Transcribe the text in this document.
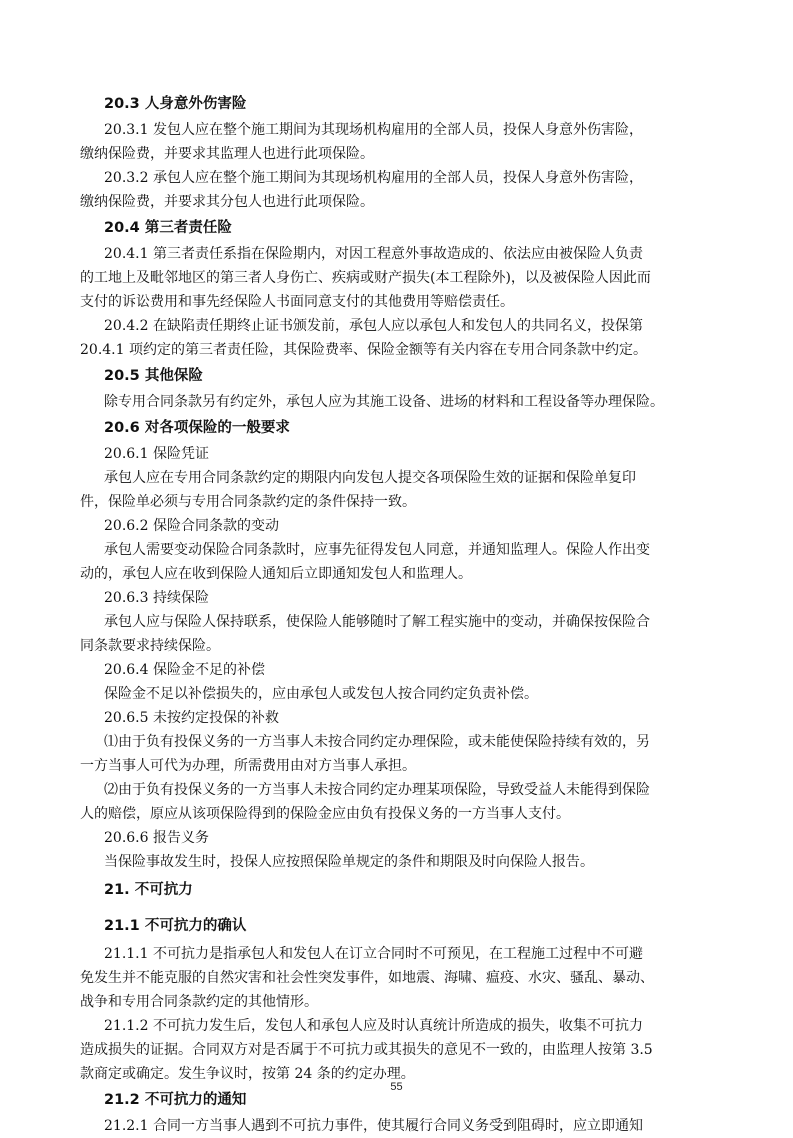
20.3 人身意外伤害险
20.3.1 发包人应在整个施工期间为其现场机构雇用的全部人员，投保人身意外伤害险，
缴纳保险费，并要求其监理人也进行此项保险。
20.3.2 承包人应在整个施工期间为其现场机构雇用的全部人员，投保人身意外伤害险，
缴纳保险费，并要求其分包人也进行此项保险。
20.4 第三者责任险
20.4.1 第三者责任系指在保险期内，对因工程意外事故造成的、依法应由被保险人负责
的工地上及毗邻地区的第三者人身伤亡、疾病或财产损失(本工程除外)，以及被保险人因此而
支付的诉讼费用和事先经保险人书面同意支付的其他费用等赔偿责任。
20.4.2 在缺陷责任期终止证书颁发前，承包人应以承包人和发包人的共同名义，投保第
20.4.1 项约定的第三者责任险，其保险费率、保险金额等有关内容在专用合同条款中约定。
20.5 其他保险
除专用合同条款另有约定外，承包人应为其施工设备、进场的材料和工程设备等办理保险。
20.6 对各项保险的一般要求
20.6.1 保险凭证
承包人应在专用合同条款约定的期限内向发包人提交各项保险生效的证据和保险单复印
件，保险单必须与专用合同条款约定的条件保持一致。
20.6.2 保险合同条款的变动
承包人需要变动保险合同条款时，应事先征得发包人同意，并通知监理人。保险人作出变
动的，承包人应在收到保险人通知后立即通知发包人和监理人。
20.6.3 持续保险
承包人应与保险人保持联系，使保险人能够随时了解工程实施中的变动，并确保按保险合
同条款要求持续保险。
20.6.4 保险金不足的补偿
保险金不足以补偿损失的，应由承包人或发包人按合同约定负责补偿。
20.6.5 未按约定投保的补救
⑴由于负有投保义务的一方当事人未按合同约定办理保险，或未能使保险持续有效的，另
一方当事人可代为办理，所需费用由对方当事人承担。
⑵由于负有投保义务的一方当事人未按合同约定办理某项保险，导致受益人未能得到保险
人的赔偿，原应从该项保险得到的保险金应由负有投保义务的一方当事人支付。
20.6.6 报告义务
当保险事故发生时，投保人应按照保险单规定的条件和期限及时向保险人报告。
21. 不可抗力
21.1 不可抗力的确认
21.1.1 不可抗力是指承包人和发包人在订立合同时不可预见，在工程施工过程中不可避
免发生并不能克服的自然灾害和社会性突发事件，如地震、海啸、瘟疫、水灾、骚乱、暴动、
战争和专用合同条款约定的其他情形。
21.1.2 不可抗力发生后，发包人和承包人应及时认真统计所造成的损失，收集不可抗力
造成损失的证据。合同双方对是否属于不可抗力或其损失的意见不一致的，由监理人按第 3.5
款商定或确定。发生争议时，按第 24 条的约定办理。
21.2 不可抗力的通知
21.2.1 合同一方当事人遇到不可抗力事件，使其履行合同义务受到阻碍时，应立即通知
55
